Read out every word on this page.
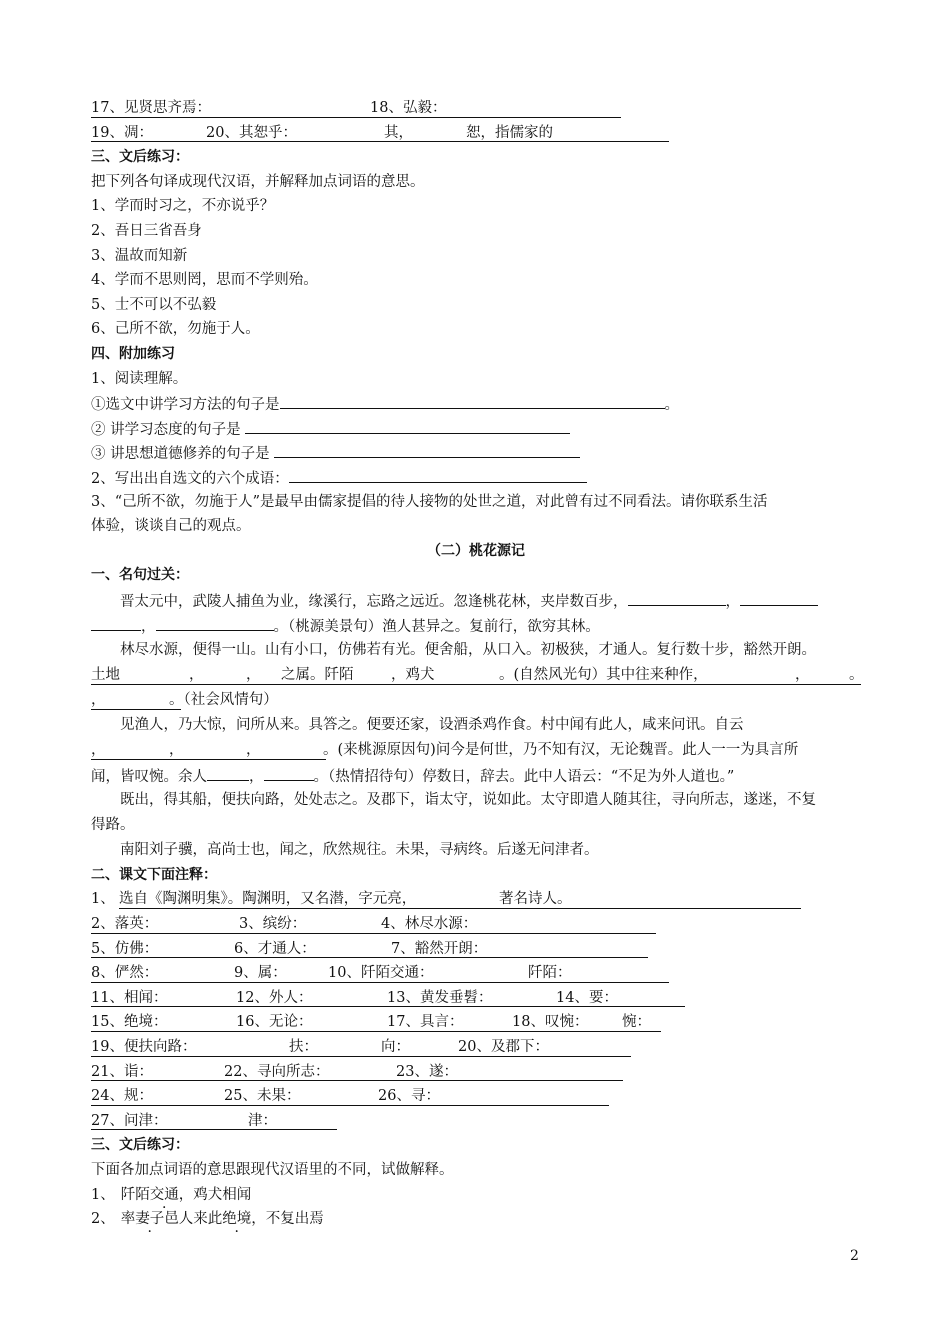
17、见贤思齐焉：	18、弘毅：
19、凋：	20、其恕乎：	其，	恕，指儒家的
三、文后练习：
把下列各句译成现代汉语，并解释加点词语的意思。
1、学而时习之，不亦说乎？
2、吾日三省吾身
3、温故而知新
4、学而不思则罔，思而不学则殆。
5、士不可以不弘毅
6、己所不欲，勿施于人。
四、附加练习
1、阅读理解。
①选文中讲学习方法的句子是	。
② 讲学习态度的句子是
③ 讲思想道德修养的句子是
2、写出出自选文的六个成语：
3、“己所不欲，勿施于人”是最早由儒家提倡的待人接物的处世之道，对此曾有过不同看法。请你联系生活
体验，谈谈自己的观点。
（二）桃花源记
一、名句过关：
晋太元中，武陵人捕鱼为业，缘溪行，忘路之远近。忽逢桃花林，夹岸数百步，	，
，	。（桃源美景句）渔人甚异之。复前行，欲穷其林。
林尽水源，便得一山。山有小口，仿佛若有光。便舍船，从口入。初极狭，才通人。复行数十步，豁然开朗。
土地	，	， 之属。阡陌	，鸡犬	。(自然风光句）其中往来种作，	，	。
，	。（社会风情句）
见渔人，乃大惊，问所从来。具答之。便要还家，设酒杀鸡作食。村中闻有此人，咸来问讯。自云
，	，	，	。(来桃源原因句)问今是何世，乃不知有汉，无论魏晋。此人一一为具言所
闻，皆叹惋。余人	，	。（热情招待句）停数日，辞去。此中人语云：“不足为外人道也。”
既出，得其船，便扶向路，处处志之。及郡下，诣太守，说如此。太守即遣人随其往，寻向所志，遂迷，不复
得路。
南阳刘子骥，高尚士也，闻之，欣然规往。未果，寻病终。后遂无问津者。
二、课文下面注释：
1、 选自《陶渊明集》。陶渊明，又名潜，字元亮，	著名诗人。
2、落英：	3、缤纷：	4、林尽水源：
5、仿佛：	6、才通人：	7、豁然开朗：
8、俨然：	9、属：	10、阡陌交通：	阡陌：
11、相闻：	12、外人：	13、黄发垂髫：	14、要：
15、绝境：	16、无论：	17、具言：	18、叹惋： 惋：
19、便扶向路：	扶：	向：	20、及郡下：
21、诣：	22、寻向所志：	23、遂：
24、规：	25、未果：	26、寻：
27、问津：	津：
三、文后练习：
下面各加点词语的意思跟现代汉语里的不同，试做解释。
1、 阡陌交通，鸡犬相闻
2、 率妻子邑人来此绝境，不复出焉
2
